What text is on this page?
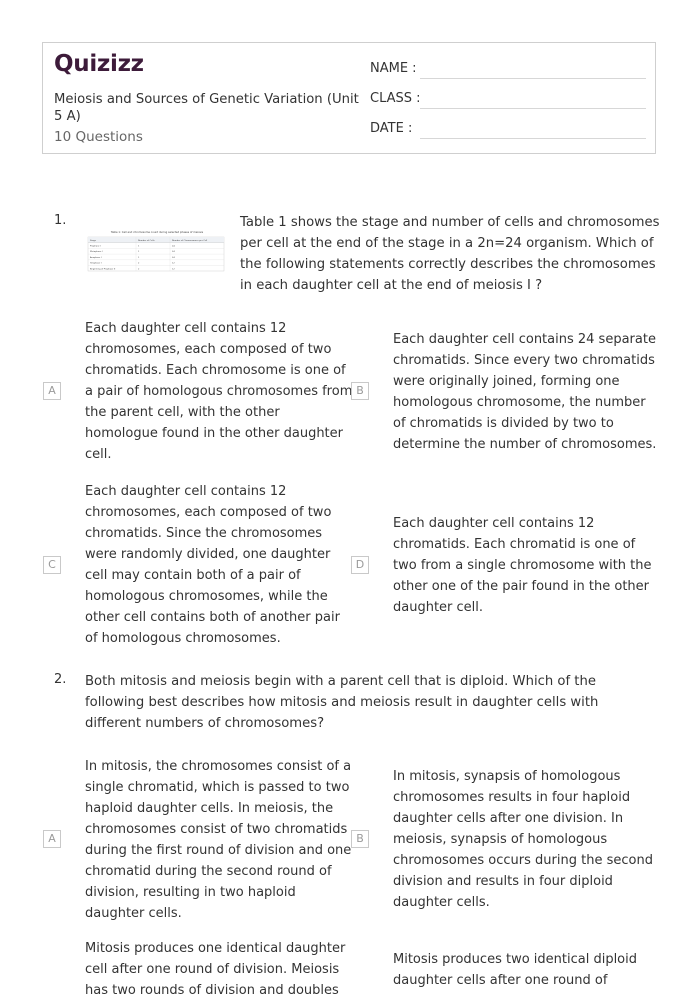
Quizizz
Meiosis and Sources of Genetic Variation (Unit 5 A)
10 Questions
NAME :
CLASS :
DATE :
1.
Table 1: Cell and chromosome count during selected phases of meiosis
Stage	Number of Cells	Number of Chromosomes per Cell
Prophase I	1	24
Metaphase I	1	24
Anaphase I	1	24
Telophase I	2	12
Beginning of Prophase II	2	12
Table 1 shows the stage and number of cells and chromosomes per cell at the end of the stage in a 2n=24 organism. Which of the following statements correctly describes the chromosomes in each daughter cell at the end of meiosis I ?
A
Each daughter cell contains 12 chromosomes, each composed of two chromatids. Each chromosome is one of a pair of homologous chromosomes from the parent cell, with the other homologue found in the other daughter cell.
B
Each daughter cell contains 24 separate chromatids. Since every two chromatids were originally joined, forming one homologous chromosome, the number of chromatids is divided by two to determine the number of chromosomes.
C
Each daughter cell contains 12 chromosomes, each composed of two chromatids. Since the chromosomes were randomly divided, one daughter cell may contain both of a pair of homologous chromosomes, while the other cell contains both of another pair of homologous chromosomes.
D
Each daughter cell contains 12 chromatids. Each chromatid is one of two from a single chromosome with the other one of the pair found in the other daughter cell.
2. Both mitosis and meiosis begin with a parent cell that is diploid. Which of the following best describes how mitosis and meiosis result in daughter cells with different numbers of chromosomes?
A
In mitosis, the chromosomes consist of a single chromatid, which is passed to two haploid daughter cells. In meiosis, the chromosomes consist of two chromatids during the first round of division and one chromatid during the second round of division, resulting in two haploid daughter cells.
B
In mitosis, synapsis of homologous chromosomes results in four haploid daughter cells after one division. In meiosis, synapsis of homologous chromosomes occurs during the second division and results in four diploid daughter cells.
Mitosis produces one identical daughter cell after one round of division. Meiosis has two rounds of division and doubles
Mitosis produces two identical diploid daughter cells after one round of
